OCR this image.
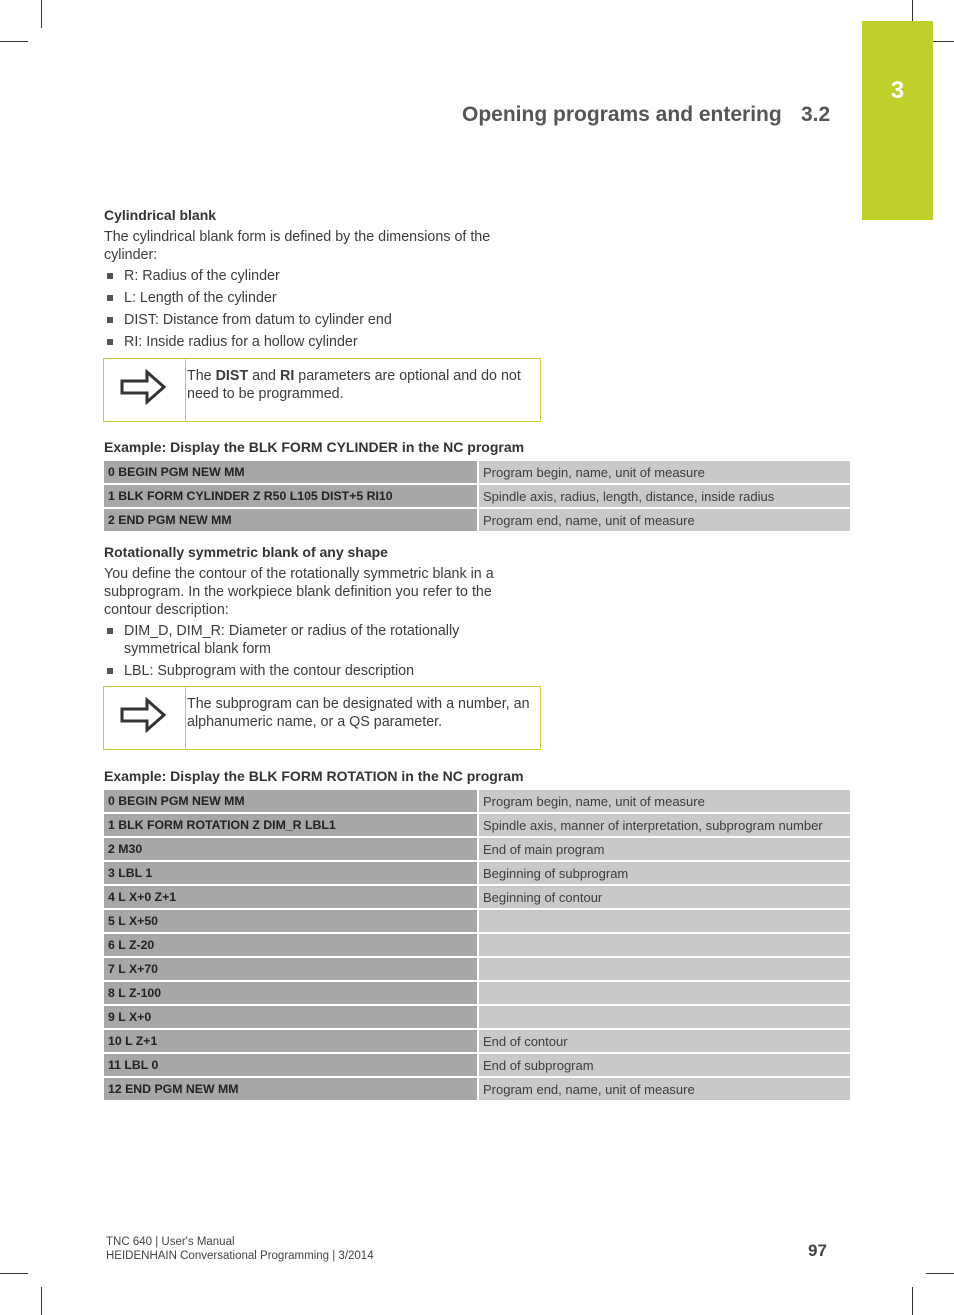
3
Opening programs and entering 3.2
Cylindrical blank
The cylindrical blank form is defined by the dimensions of the cylinder:
R: Radius of the cylinder
L: Length of the cylinder
DIST: Distance from datum to cylinder end
RI: Inside radius for a hollow cylinder
The DIST and RI parameters are optional and do not need to be programmed.
Example: Display the BLK FORM CYLINDER in the NC program
0 BEGIN PGM NEW MM	Program begin, name, unit of measure
1 BLK FORM CYLINDER Z R50 L105 DIST+5 RI10	Spindle axis, radius, length, distance, inside radius
2 END PGM NEW MM	Program end, name, unit of measure
Rotationally symmetric blank of any shape
You define the contour of the rotationally symmetric blank in a subprogram. In the workpiece blank definition you refer to the contour description:
DIM_D, DIM_R: Diameter or radius of the rotationally symmetrical blank form
LBL: Subprogram with the contour description
The subprogram can be designated with a number, an alphanumeric name, or a QS parameter.
Example: Display the BLK FORM ROTATION in the NC program
0 BEGIN PGM NEW MM	Program begin, name, unit of measure
1 BLK FORM ROTATION Z DIM_R LBL1	Spindle axis, manner of interpretation, subprogram number
2 M30	End of main program
3 LBL 1	Beginning of subprogram
4 L X+0 Z+1	Beginning of contour
5 L X+50	
6 L Z-20	
7 L X+70	
8 L Z-100	
9 L X+0	
10 L Z+1	End of contour
11 LBL 0	End of subprogram
12 END PGM NEW MM	Program end, name, unit of measure
TNC 640 | User's Manual
HEIDENHAIN Conversational Programming | 3/2014	97
